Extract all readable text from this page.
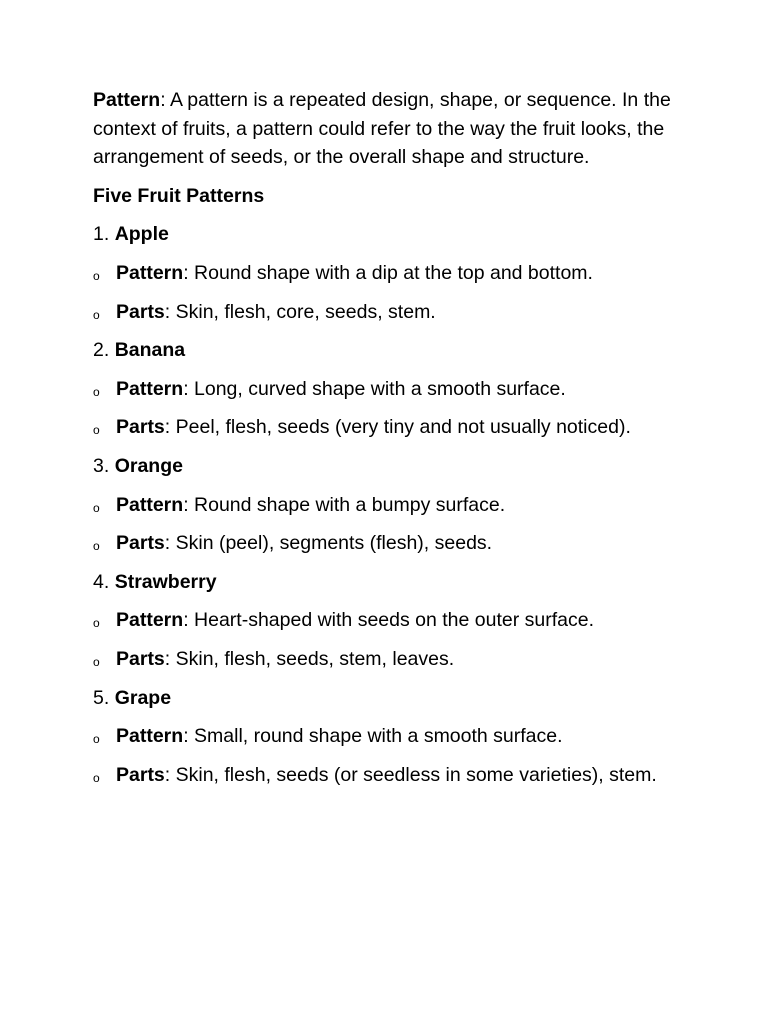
Pattern: A pattern is a repeated design, shape, or sequence. In the context of fruits, a pattern could refer to the way the fruit looks, the arrangement of seeds, or the overall shape and structure.

Five Fruit Patterns

1. Apple

o Pattern: Round shape with a dip at the top and bottom.

o Parts: Skin, flesh, core, seeds, stem.

2. Banana

o Pattern: Long, curved shape with a smooth surface.

o Parts: Peel, flesh, seeds (very tiny and not usually noticed).

3. Orange

o Pattern: Round shape with a bumpy surface.

o Parts: Skin (peel), segments (flesh), seeds.

4. Strawberry

o Pattern: Heart-shaped with seeds on the outer surface.

o Parts: Skin, flesh, seeds, stem, leaves.

5. Grape

o Pattern: Small, round shape with a smooth surface.

o Parts: Skin, flesh, seeds (or seedless in some varieties), stem.
